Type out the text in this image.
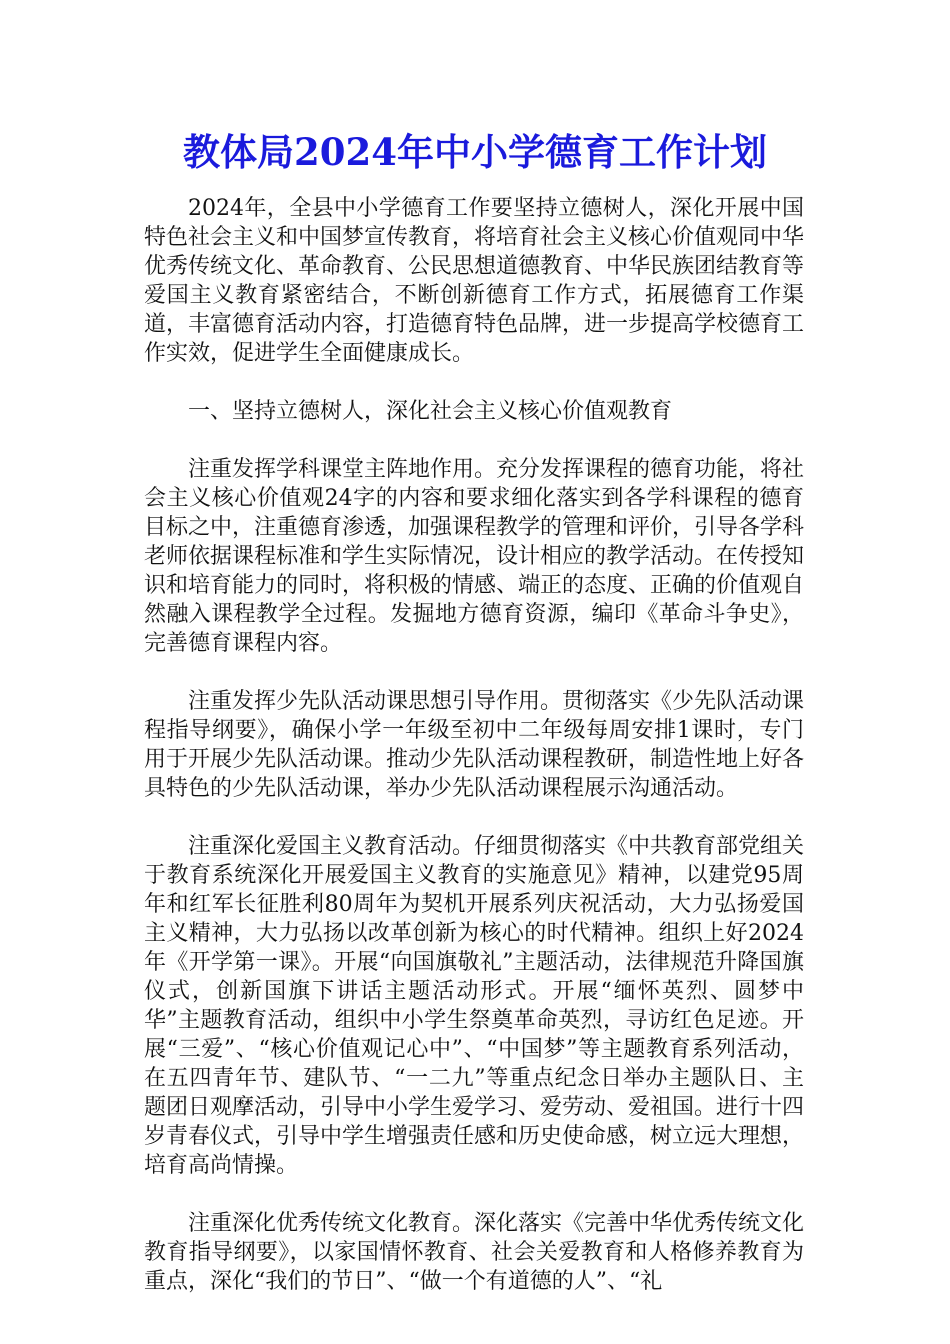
教体局2024年中小学德育工作计划

2024年，全县中小学德育工作要坚持立德树人，深化开展中国特色社会主义和中国梦宣传教育，将培育社会主义核心价值观同中华优秀传统文化、革命教育、公民思想道德教育、中华民族团结教育等爱国主义教育紧密结合，不断创新德育工作方式，拓展德育工作渠道，丰富德育活动内容，打造德育特色品牌，进一步提高学校德育工作实效，促进学生全面健康成长。

一、坚持立德树人，深化社会主义核心价值观教育

注重发挥学科课堂主阵地作用。充分发挥课程的德育功能，将社会主义核心价值观24字的内容和要求细化落实到各学科课程的德育目标之中，注重德育渗透，加强课程教学的管理和评价，引导各学科老师依据课程标准和学生实际情况，设计相应的教学活动。在传授知识和培育能力的同时，将积极的情感、端正的态度、正确的价值观自然融入课程教学全过程。发掘地方德育资源，编印《革命斗争史》，完善德育课程内容。

注重发挥少先队活动课思想引导作用。贯彻落实《少先队活动课程指导纲要》，确保小学一年级至初中二年级每周安排1课时，专门用于开展少先队活动课。推动少先队活动课程教研，制造性地上好各具特色的少先队活动课，举办少先队活动课程展示沟通活动。

注重深化爱国主义教育活动。仔细贯彻落实《中共教育部党组关于教育系统深化开展爱国主义教育的实施意见》精神，以建党95周年和红军长征胜利80周年为契机开展系列庆祝活动，大力弘扬爱国主义精神，大力弘扬以改革创新为核心的时代精神。组织上好2024年《开学第一课》。开展“向国旗敬礼”主题活动，法律规范升降国旗仪式，创新国旗下讲话主题活动形式。开展“缅怀英烈、圆梦中华”主题教育活动，组织中小学生祭奠革命英烈，寻访红色足迹。开展“三爱”、“核心价值观记心中”、“中国梦”等主题教育系列活动，在五四青年节、建队节、“一二九”等重点纪念日举办主题队日、主题团日观摩活动，引导中小学生爱学习、爱劳动、爱祖国。进行十四岁青春仪式，引导中学生增强责任感和历史使命感，树立远大理想，培育高尚情操。

注重深化优秀传统文化教育。深化落实《完善中华优秀传统文化教育指导纲要》，以家国情怀教育、社会关爱教育和人格修养教育为重点，深化“我们的节日”、“做一个有道德的人”、“礼
